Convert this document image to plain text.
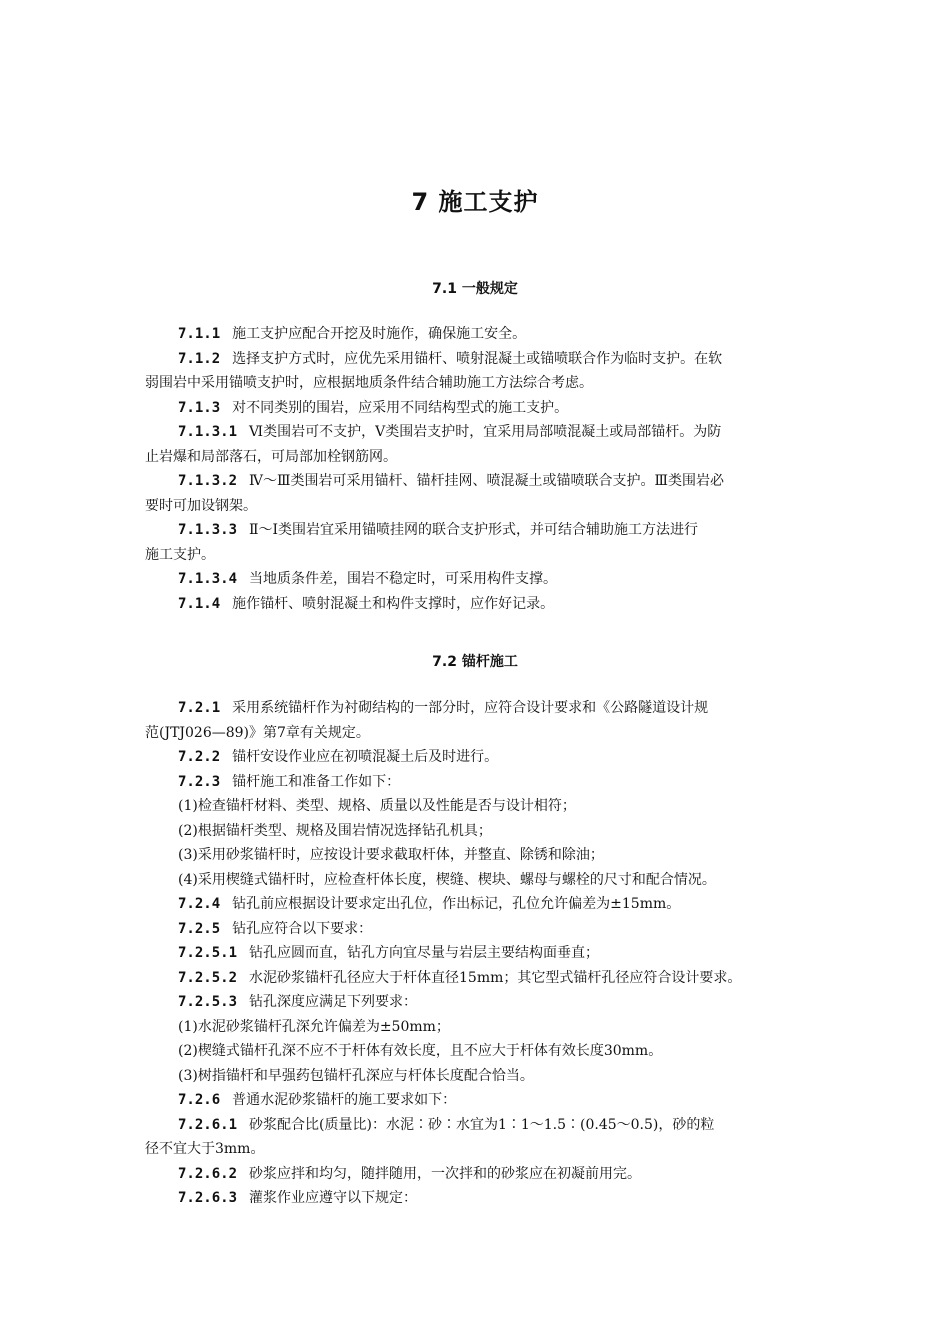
7 施工支护
7.1 一般规定
7.1.1 施工支护应配合开挖及时施作，确保施工安全。
7.1.2 选择支护方式时，应优先采用锚杆、喷射混凝土或锚喷联合作为临时支护。在软
弱围岩中采用锚喷支护时，应根据地质条件结合辅助施工方法综合考虑。
7.1.3 对不同类别的围岩，应采用不同结构型式的施工支护。
7.1.3.1 Ⅵ类围岩可不支护，Ⅴ类围岩支护时，宜采用局部喷混凝土或局部锚杆。为防
止岩爆和局部落石，可局部加栓钢筋网。
7.1.3.2 Ⅳ～Ⅲ类围岩可采用锚杆、锚杆挂网、喷混凝土或锚喷联合支护。Ⅲ类围岩必
要时可加设钢架。
7.1.3.3 Ⅱ～Ⅰ类围岩宜采用锚喷挂网的联合支护形式，并可结合辅助施工方法进行
施工支护。
7.1.3.4 当地质条件差，围岩不稳定时，可采用构件支撑。
7.1.4 施作锚杆、喷射混凝土和构件支撑时，应作好记录。
7.2 锚杆施工
7.2.1 采用系统锚杆作为衬砌结构的一部分时，应符合设计要求和《公路隧道设计规
范(JTJ026—89)》第7章有关规定。
7.2.2 锚杆安设作业应在初喷混凝土后及时进行。
7.2.3 锚杆施工和准备工作如下：
(1)检查锚杆材料、类型、规格、质量以及性能是否与设计相符；
(2)根据锚杆类型、规格及围岩情况选择钻孔机具；
(3)采用砂浆锚杆时，应按设计要求截取杆体，并整直、除锈和除油；
(4)采用楔缝式锚杆时，应检查杆体长度，楔缝、楔块、螺母与螺栓的尺寸和配合情况。
7.2.4 钻孔前应根据设计要求定出孔位，作出标记，孔位允许偏差为±15mm。
7.2.5 钻孔应符合以下要求：
7.2.5.1 钻孔应圆而直，钻孔方向宜尽量与岩层主要结构面垂直；
7.2.5.2 水泥砂浆锚杆孔径应大于杆体直径15mm；其它型式锚杆孔径应符合设计要求。
7.2.5.3 钻孔深度应满足下列要求：
(1)水泥砂浆锚杆孔深允许偏差为±50mm；
(2)楔缝式锚杆孔深不应不于杆体有效长度，且不应大于杆体有效长度30mm。
(3)树指锚杆和早强药包锚杆孔深应与杆体长度配合恰当。
7.2.6 普通水泥砂浆锚杆的施工要求如下：
7.2.6.1 砂浆配合比(质量比)：水泥∶砂∶水宜为1∶1～1.5∶(0.45～0.5)，砂的粒
径不宜大于3mm。
7.2.6.2 砂浆应拌和均匀，随拌随用，一次拌和的砂浆应在初凝前用完。
7.2.6.3 灌浆作业应遵守以下规定：
